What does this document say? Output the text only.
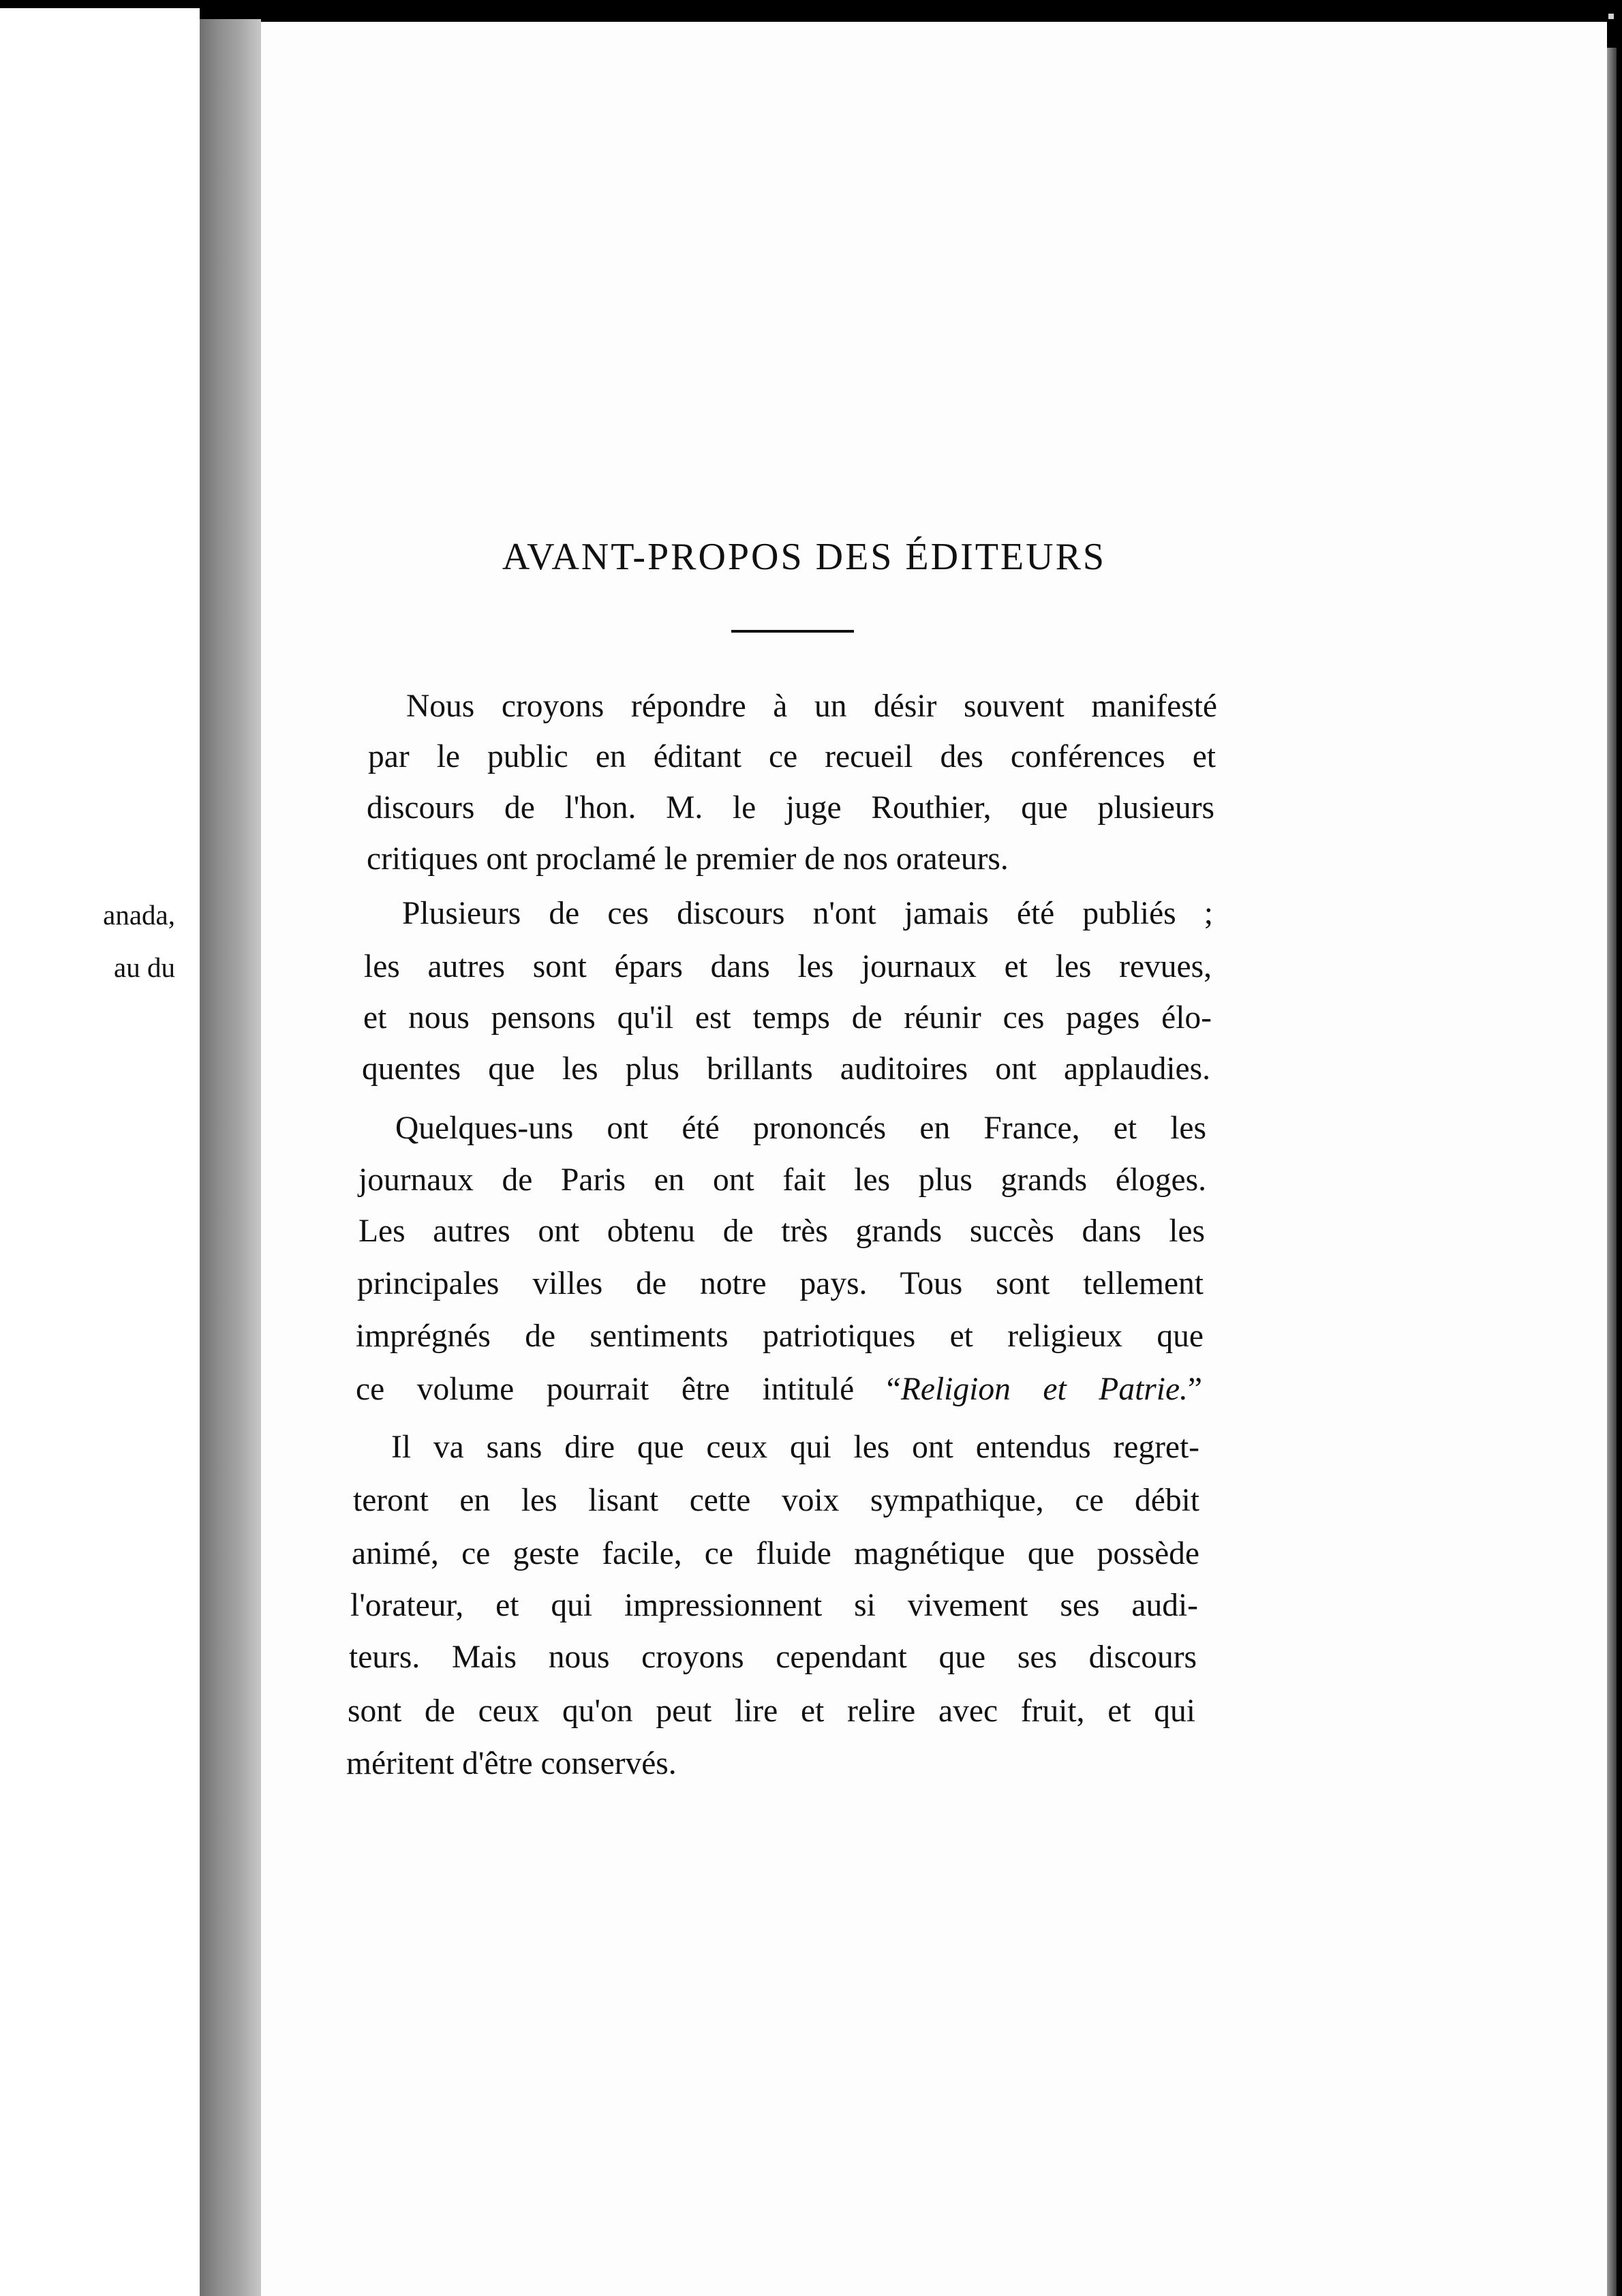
anada,
au du
AVANT-PROPOS DES ÉDITEURS
Nous croyons répondre à un désir souvent manifesté
par le public en éditant ce recueil des conférences et
discours de l'hon. M. le juge Routhier, que plusieurs
critiques ont proclamé le premier de nos orateurs.
Plusieurs de ces discours n'ont jamais été publiés ;
les autres sont épars dans les journaux et les revues,
et nous pensons qu'il est temps de réunir ces pages élo-
quentes que les plus brillants auditoires ont applaudies.
Quelques-uns ont été prononcés en France, et les
journaux de Paris en ont fait les plus grands éloges.
Les autres ont obtenu de très grands succès dans les
principales villes de notre pays. Tous sont tellement
imprégnés de sentiments patriotiques et religieux que
ce volume pourrait être intitulé “Religion et Patrie.”
Il va sans dire que ceux qui les ont entendus regret-
teront en les lisant cette voix sympathique, ce débit
animé, ce geste facile, ce fluide magnétique que possède
l'orateur, et qui impressionnent si vivement ses audi-
teurs. Mais nous croyons cependant que ses discours
sont de ceux qu'on peut lire et relire avec fruit, et qui
méritent d'être conservés.
